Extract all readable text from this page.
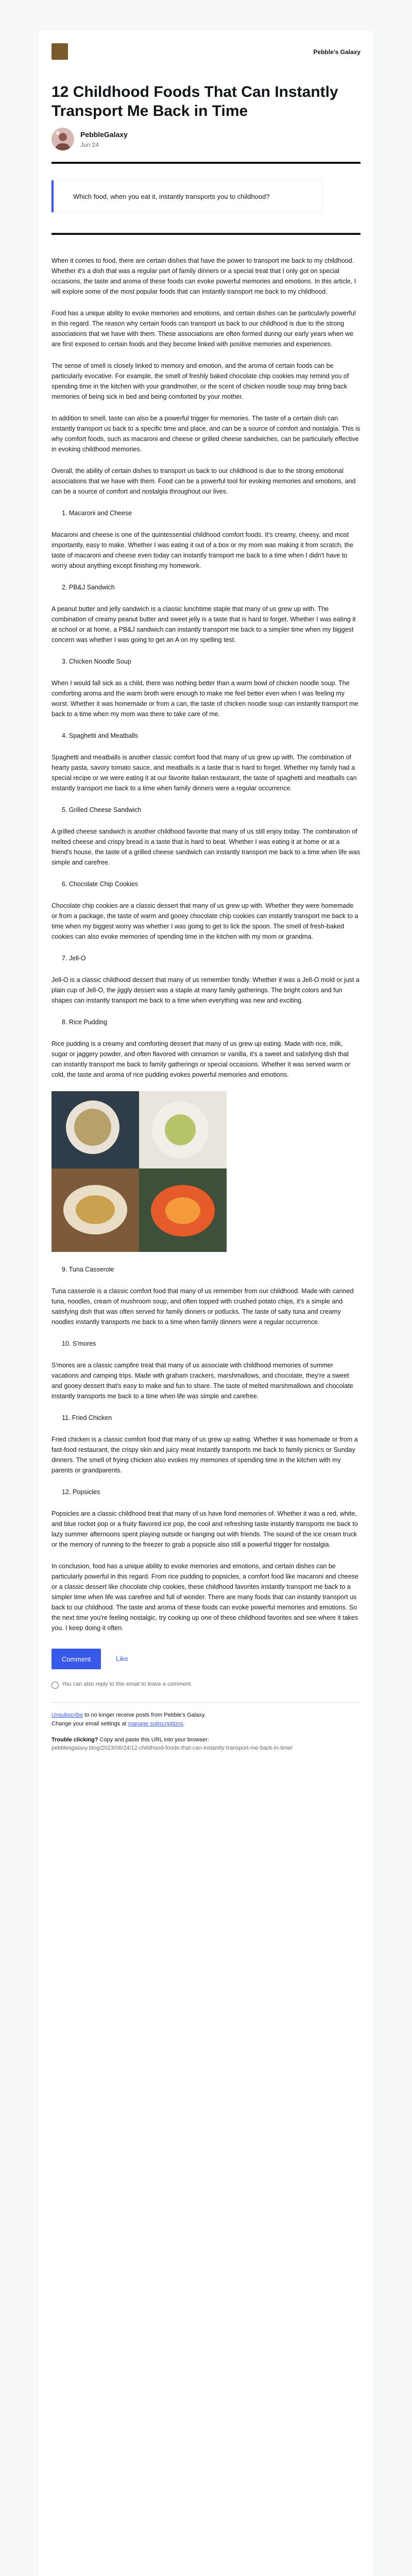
Pebble's Galaxy
12 Childhood Foods That Can Instantly Transport Me Back in Time
PebbleGalaxy
Jun 24
Which food, when you eat it, instantly transports you to childhood?

When it comes to food, there are certain dishes that have the power to transport me back to my childhood. Whether it's a dish that was a regular part of family dinners or a special treat that I only got on special occasions, the taste and aroma of these foods can evoke powerful memories and emotions. In this article, I will explore some of the most popular foods that can instantly transport me back to my childhood.

Food has a unique ability to evoke memories and emotions, and certain dishes can be particularly powerful in this regard. The reason why certain foods can transport us back to our childhood is due to the strong associations that we have with them. These associations are often formed during our early years when we are first exposed to certain foods and they become linked with positive memories and experiences.

The sense of smell is closely linked to memory and emotion, and the aroma of certain foods can be particularly evocative. For example, the smell of freshly baked chocolate chip cookies may remind you of spending time in the kitchen with your grandmother, or the scent of chicken noodle soup may bring back memories of being sick in bed and being comforted by your mother.

In addition to smell, taste can also be a powerful trigger for memories. The taste of a certain dish can instantly transport us back to a specific time and place, and can be a source of comfort and nostalgia. This is why comfort foods, such as macaroni and cheese or grilled cheese sandwiches, can be particularly effective in evoking childhood memories.

Overall, the ability of certain dishes to transport us back to our childhood is due to the strong emotional associations that we have with them. Food can be a powerful tool for evoking memories and emotions, and can be a source of comfort and nostalgia throughout our lives.

1. Macaroni and Cheese

Macaroni and cheese is one of the quintessential childhood comfort foods. It's creamy, cheesy, and most importantly, easy to make. Whether I was eating it out of a box or my mom was making it from scratch, the taste of macaroni and cheese even today can instantly transport me back to a time when I didn't have to worry about anything except finishing my homework.

2. PB&J Sandwich

A peanut butter and jelly sandwich is a classic lunchtime staple that many of us grew up with. The combination of creamy peanut butter and sweet jelly is a taste that is hard to forget. Whether I was eating it at school or at home, a PB&J sandwich can instantly transport me back to a simpler time when my biggest concern was whether I was going to get an A on my spelling test.

3. Chicken Noodle Soup

When I would fall sick as a child, there was nothing better than a warm bowl of chicken noodle soup. The comforting aroma and the warm broth were enough to make me feel better even when I was feeling my worst. Whether it was homemade or from a can, the taste of chicken noodle soup can instantly transport me back to a time when my mom was there to take care of me.

4. Spaghetti and Meatballs

Spaghetti and meatballs is another classic comfort food that many of us grew up with. The combination of hearty pasta, savory tomato sauce, and meatballs is a taste that is hard to forget. Whether my family had a special recipe or we were eating it at our favorite Italian restaurant, the taste of spaghetti and meatballs can instantly transport me back to a time when family dinners were a regular occurrence.

5. Grilled Cheese Sandwich

A grilled cheese sandwich is another childhood favorite that many of us still enjoy today. The combination of melted cheese and crispy bread is a taste that is hard to beat. Whether I was eating it at home or at a friend's house, the taste of a grilled cheese sandwich can instantly transport me back to a time when life was simple and carefree.

6. Chocolate Chip Cookies

Chocolate chip cookies are a classic dessert that many of us grew up with. Whether they were homemade or from a package, the taste of warm and gooey chocolate chip cookies can instantly transport me back to a time when my biggest worry was whether I was going to get to lick the spoon. The smell of fresh-baked cookies can also evoke memories of spending time in the kitchen with my mom or grandma.

7. Jell-O

Jell-O is a classic childhood dessert that many of us remember fondly. Whether it was a Jell-O mold or just a plain cup of Jell-O, the jiggly dessert was a staple at many family gatherings. The bright colors and fun shapes can instantly transport me back to a time when everything was new and exciting.

8. Rice Pudding

Rice pudding is a creamy and comforting dessert that many of us grew up eating. Made with rice, milk, sugar or jaggery powder, and often flavored with cinnamon or vanilla, it's a sweet and satisfying dish that can instantly transport me back to family gatherings or special occasions. Whether it was served warm or cold, the taste and aroma of rice pudding evokes powerful memories and emotions.

9. Tuna Casserole

Tuna casserole is a classic comfort food that many of us remember from our childhood. Made with canned tuna, noodles, cream of mushroom soup, and often topped with crushed potato chips, it's a simple and satisfying dish that was often served for family dinners or potlucks. The taste of salty tuna and creamy noodles instantly transports me back to a time when family dinners were a regular occurrence.

10. S'mores

S'mores are a classic campfire treat that many of us associate with childhood memories of summer vacations and camping trips. Made with graham crackers, marshmallows, and chocolate, they're a sweet and gooey dessert that's easy to make and fun to share. The taste of melted marshmallows and chocolate instantly transports me back to a time when life was simple and carefree.

11. Fried Chicken

Fried chicken is a classic comfort food that many of us grew up eating. Whether it was homemade or from a fast-food restaurant, the crispy skin and juicy meat instantly transports me back to family picnics or Sunday dinners. The smell of frying chicken also evokes my memories of spending time in the kitchen with my parents or grandparents.

12. Popsicles

Popsicles are a classic childhood treat that many of us have fond memories of. Whether it was a red, white, and blue rocket pop or a fruity flavored ice pop, the cool and refreshing taste instantly transports me back to lazy summer afternoons spent playing outside or hanging out with friends. The sound of the ice cream truck or the memory of running to the freezer to grab a popsicle also still a powerful trigger for nostalgia.

In conclusion, food has a unique ability to evoke memories and emotions, and certain dishes can be particularly powerful in this regard. From rice pudding to popsicles, a comfort food like macaroni and cheese or a classic dessert like chocolate chip cookies, these childhood favorites instantly transport me back to a simpler time when life was carefree and full of wonder. There are many foods that can instantly transport us back to our childhood. The taste and aroma of these foods can evoke powerful memories and emotions. So the next time you're feeling nostalgic, try cooking up one of these childhood favorites and see where it takes you. I keep doing it often.

Comment	Like
You can also reply to this email to leave a comment.
Unsubscribe to no longer receive posts from Pebble's Galaxy.
Change your email settings at manage subscriptions.
Trouble clicking? Copy and paste this URL into your browser:
pebblesgalaxy.blog/2023/06/24/12-childhood-foods-that-can-instantly-transport-me-back-in-time/
